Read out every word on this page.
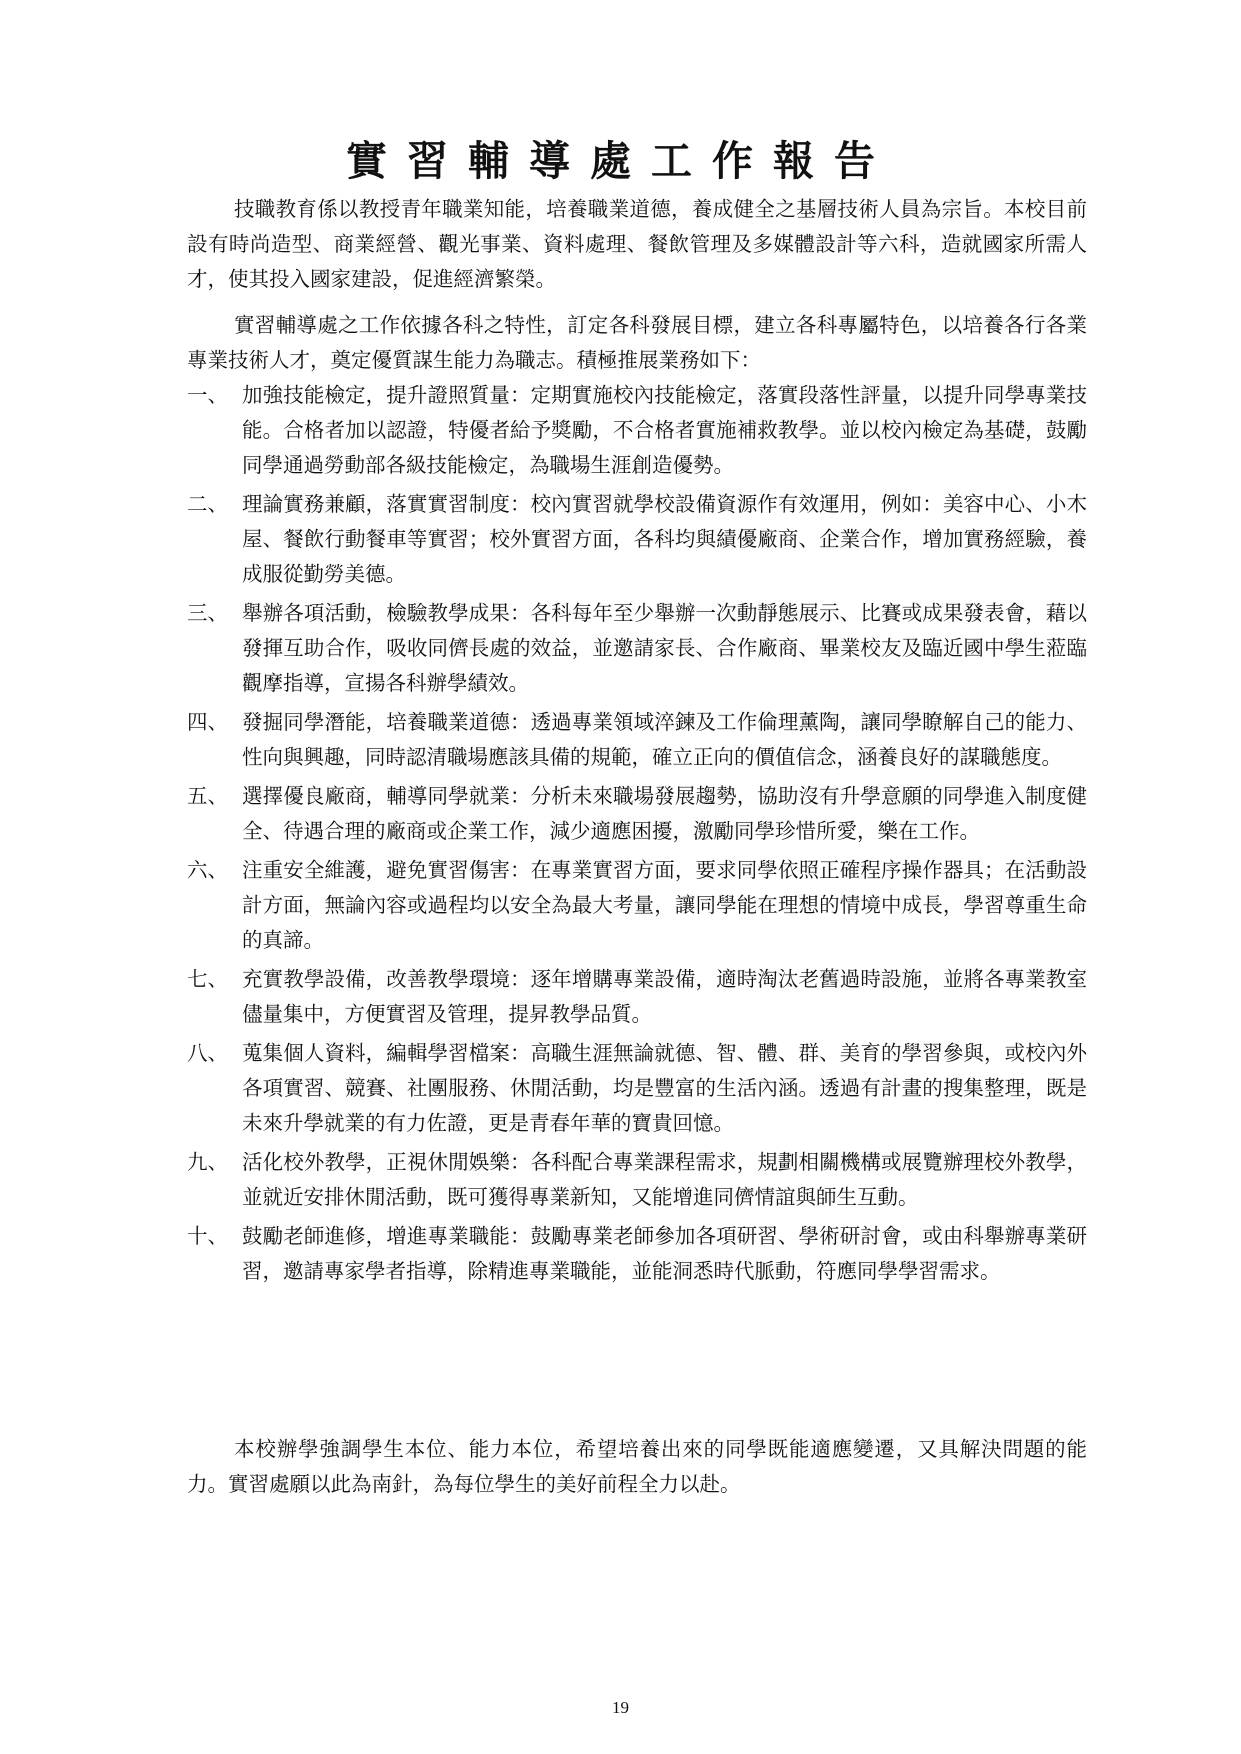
實習輔導處工作報告

技職教育係以教授青年職業知能，培養職業道德，養成健全之基層技術人員為宗旨。本校目前設有時尚造型、商業經營、觀光事業、資料處理、餐飲管理及多媒體設計等六科，造就國家所需人才，使其投入國家建設，促進經濟繁榮。

實習輔導處之工作依據各科之特性，訂定各科發展目標，建立各科專屬特色，以培養各行各業專業技術人才，奠定優質謀生能力為職志。積極推展業務如下：

一、 加強技能檢定，提升證照質量：定期實施校內技能檢定，落實段落性評量，以提升同學專業技能。合格者加以認證，特優者給予獎勵，不合格者實施補救教學。並以校內檢定為基礎，鼓勵同學通過勞動部各級技能檢定，為職場生涯創造優勢。
二、 理論實務兼顧，落實實習制度：校內實習就學校設備資源作有效運用，例如：美容中心、小木屋、餐飲行動餐車等實習；校外實習方面，各科均與績優廠商、企業合作，增加實務經驗，養成服從勤勞美德。
三、 舉辦各項活動，檢驗教學成果：各科每年至少舉辦一次動靜態展示、比賽或成果發表會，藉以發揮互助合作，吸收同儕長處的效益，並邀請家長、合作廠商、畢業校友及臨近國中學生蒞臨觀摩指導，宣揚各科辦學績效。
四、 發掘同學潛能，培養職業道德：透過專業領域淬鍊及工作倫理薰陶，讓同學瞭解自己的能力、性向與興趣，同時認清職場應該具備的規範，確立正向的價值信念，涵養良好的謀職態度。
五、 選擇優良廠商，輔導同學就業：分析未來職場發展趨勢，協助沒有升學意願的同學進入制度健全、待遇合理的廠商或企業工作，減少適應困擾，激勵同學珍惜所愛，樂在工作。
六、 注重安全維護，避免實習傷害：在專業實習方面，要求同學依照正確程序操作器具；在活動設計方面，無論內容或過程均以安全為最大考量，讓同學能在理想的情境中成長，學習尊重生命的真諦。
七、 充實教學設備，改善教學環境：逐年增購專業設備，適時淘汰老舊過時設施，並將各專業教室儘量集中，方便實習及管理，提昇教學品質。
八、 蒐集個人資料，編輯學習檔案：高職生涯無論就德、智、體、群、美育的學習參與，或校內外各項實習、競賽、社團服務、休閒活動，均是豐富的生活內涵。透過有計畫的搜集整理，既是未來升學就業的有力佐證，更是青春年華的寶貴回憶。
九、 活化校外教學，正視休閒娛樂：各科配合專業課程需求，規劃相關機構或展覽辦理校外教學，並就近安排休閒活動，既可獲得專業新知，又能增進同儕情誼與師生互動。
十、 鼓勵老師進修，增進專業職能：鼓勵專業老師參加各項研習、學術研討會，或由科舉辦專業研習，邀請專家學者指導，除精進專業職能，並能洞悉時代脈動，符應同學學習需求。

本校辦學強調學生本位、能力本位，希望培養出來的同學既能適應變遷，又具解決問題的能力。實習處願以此為南針，為每位學生的美好前程全力以赴。

19
